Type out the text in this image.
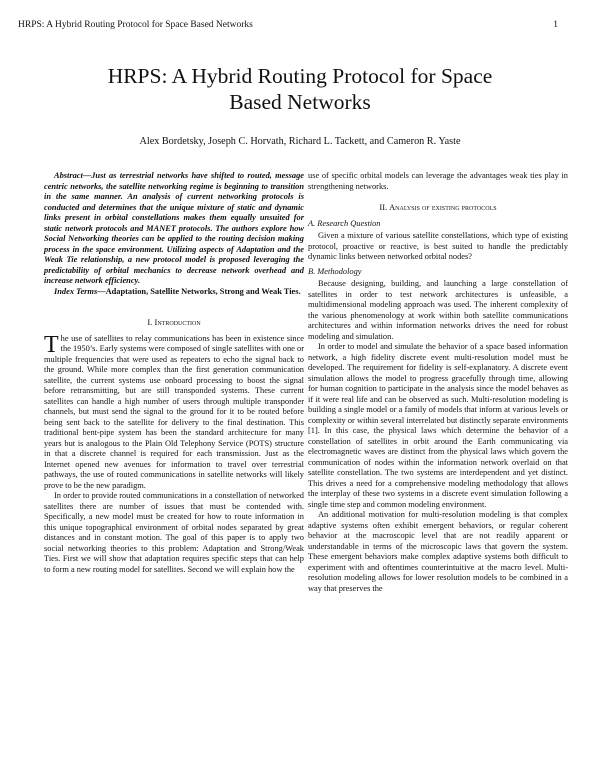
HRPS: A Hybrid Routing Protocol for Space Based Networks	1
HRPS: A Hybrid Routing Protocol for Space
Based Networks
Alex Bordetsky, Joseph C. Horvath, Richard L. Tackett, and Cameron R. Yaste

Abstract—Just as terrestrial networks have shifted to routed, message centric networks, the satellite networking regime is beginning to transition in the same manner. An analysis of current networking protocols is conducted and determines that the unique mixture of static and dynamic links present in orbital constellations makes them equally unsuited for static network protocols and MANET protocols. The authors explore how Social Networking theories can be applied to the routing decision making process in the space environment. Utilizing aspects of Adaptation and the Weak Tie relationship, a new protocol model is proposed leveraging the predictability of orbital mechanics to decrease network overhead and increase network efficiency.

Index Terms—Adaptation, Satellite Networks, Strong and Weak Ties.

I. Introduction

The use of satellites to relay communications has been in existence since the 1950’s. Early systems were composed of single satellites with one or multiple frequencies that were used as repeaters to echo the signal back to the ground. While more complex than the first generation communication satellite, the current systems use onboard processing to boost the signal before retransmitting, but are still transponded systems. These current satellites can handle a high number of users through multiple transponder channels, but must send the signal to the ground for it to be routed before being sent back to the satellite for delivery to the final destination. This traditional bent-pipe system has been the standard architecture for many years but is analogous to the Plain Old Telephony Service (POTS) structure in that a discrete channel is required for each transmission. Just as the Internet opened new avenues for information to travel over terrestrial pathways, the use of routed communications in satellite networks will likely prove to be the new paradigm.

In order to provide routed communications in a constellation of networked satellites there are number of issues that must be contended with. Specifically, a new model must be created for how to route information in this unique topographical environment of orbital nodes separated by great distances and in constant motion. The goal of this paper is to apply two social networking theories to this problem: Adaptation and Strong/Weak Ties. First we will show that adaptation requires specific steps that can help to form a new routing model for satellites. Second we will explain how the

use of specific orbital models can leverage the advantages weak ties play in strengthening networks.

II. Analysis of existing protocols
A. Research Question

Given a mixture of various satellite constellations, which type of existing protocol, proactive or reactive, is best suited to handle the predictably dynamic links between networked orbital nodes?

B. Methodology

Because designing, building, and launching a large constellation of satellites in order to test network architectures is unfeasible, a multidimensional modeling approach was used. The inherent complexity of the various phenomenology at work within both satellite communications architectures and within information networks drives the need for robust modeling and simulation.

In order to model and simulate the behavior of a space based information network, a high fidelity discrete event multi-resolution model must be developed. The requirement for fidelity is self-explanatory. A discrete event simulation allows the model to progress gracefully through time, allowing for human cognition to participate in the analysis since the model behaves as if it were real life and can be observed as such. Multi-resolution modeling is building a single model or a family of models that inform at various levels or complexity or within several interrelated but distinctly separate environments [1]. In this case, the physical laws which determine the behavior of a constellation of satellites in orbit around the Earth communicating via electromagnetic waves are distinct from the physical laws which govern the communication of nodes within the information network overlaid on that satellite constellation. The two systems are interdependent and yet distinct. This drives a need for a comprehensive modeling methodology that allows the interplay of these two systems in a discrete event simulation following a single time step and common modeling environment.

An additional motivation for multi-resolution modeling is that complex adaptive systems often exhibit emergent behaviors, or regular coherent behavior at the macroscopic level that are not readily apparent or understandable in terms of the microscopic laws that govern the system. These emergent behaviors make complex adaptive systems both difficult to experiment with and oftentimes counterintuitive at the macro level. Multi-resolution modeling allows for lower resolution models to be combined in a way that preserves the
